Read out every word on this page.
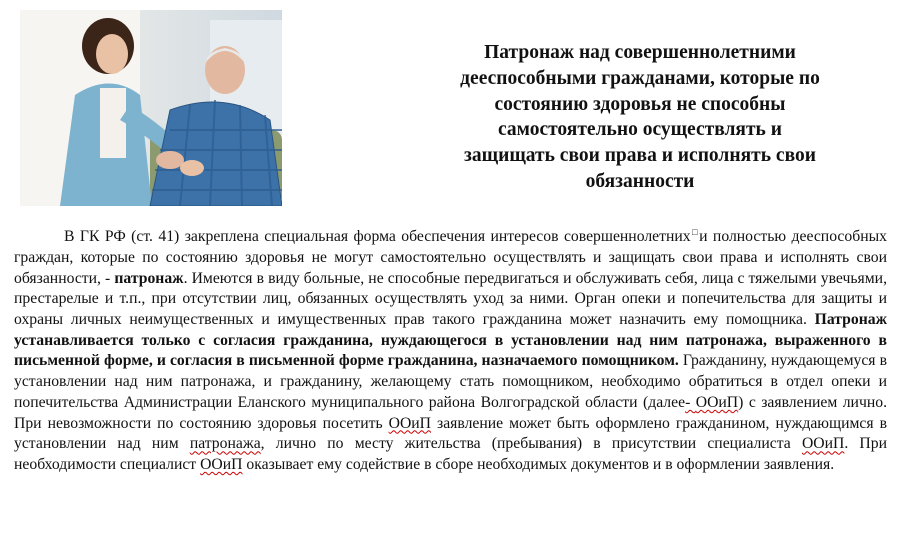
Патронаж над совершеннолетними
дееспособными гражданами, которые по
состоянию здоровья не способны
самостоятельно осуществлять и
защищать свои права и исполнять свои
обязанности

В ГК РФ (ст. 41) закреплена специальная форма обеспечения интересов совершеннолетних□и полностью дееспособных граждан, которые по состоянию здоровья не могут самостоятельно осуществлять и защищать свои права и исполнять свои обязанности, - патронаж. Имеются в виду больные, не способные передвигаться и обслуживать себя, лица с тяжелыми увечьями, престарелые и т.п., при отсутствии лиц, обязанных осуществлять уход за ними. Орган опеки и попечительства для защиты и охраны личных неимущественных и имущественных прав такого гражданина может назначить ему помощника. Патронаж устанавливается только с согласия гражданина, нуждающегося в установлении над ним патронажа, выраженного в письменной форме, и согласия в письменной форме гражданина, назначаемого помощником. Гражданину, нуждающемуся в установлении над ним патронажа, и гражданину, желающему стать помощником, необходимо обратиться в отдел опеки и попечительства Администрации Еланского муниципального района Волгоградской области (далее- ООиП) с заявлением лично. При невозможности по состоянию здоровья посетить ООиП заявление может быть оформлено гражданином, нуждающимся в установлении над ним патронажа, лично по месту жительства (пребывания) в присутствии специалиста ООиП. При необходимости специалист ООиП оказывает ему содействие в сборе необходимых документов и в оформлении заявления.
